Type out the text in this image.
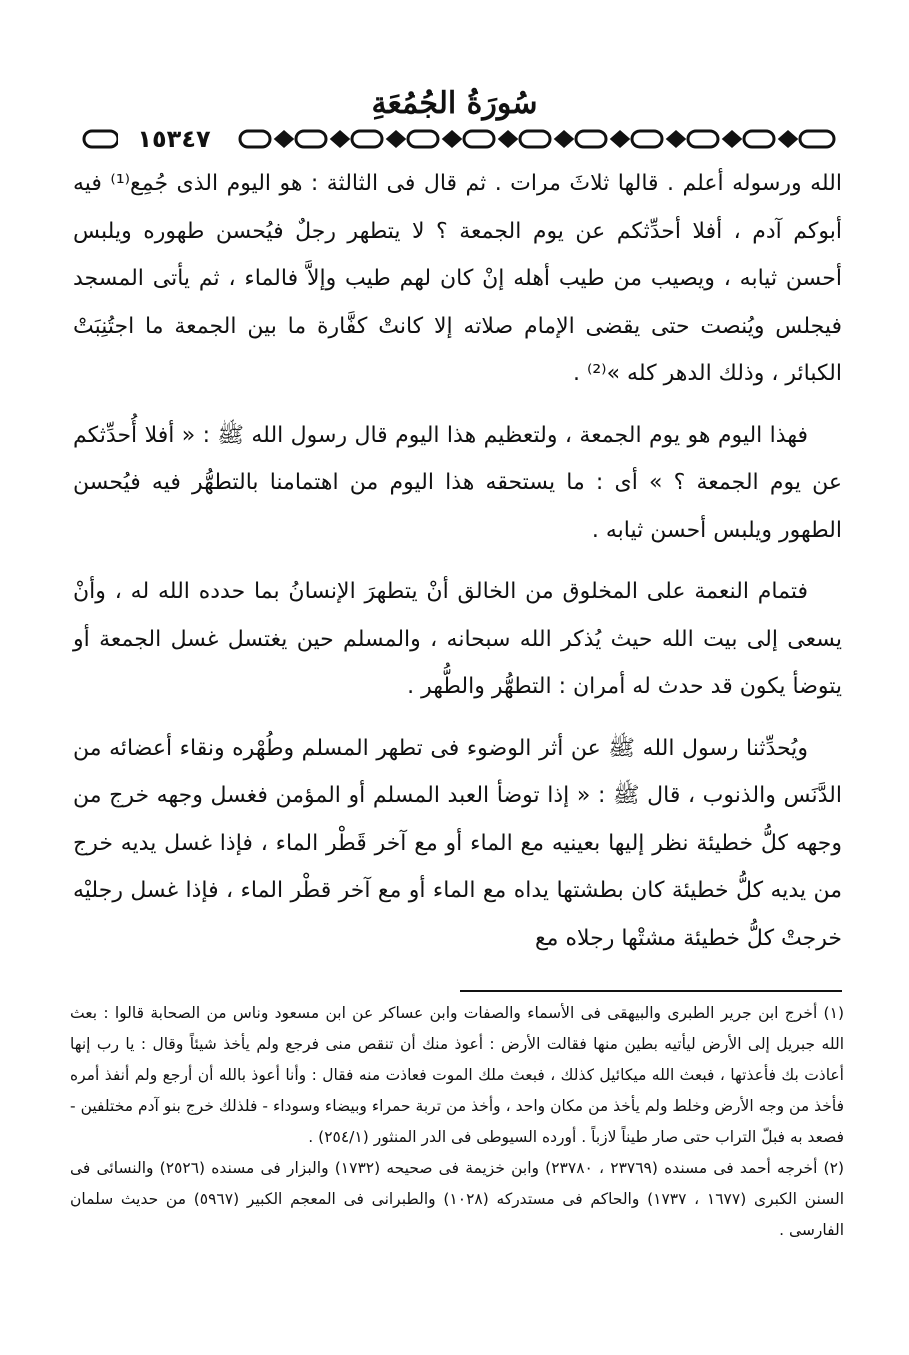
سُورَةُ الجُمُعَةِ
١٥٣٤٧

الله ورسوله أعلم . قالها ثلاثَ مرات . ثم قال فى الثالثة : هو اليوم الذى جُمِع⁽¹⁾ فيه أبوكم آدم ، أفلا أحدِّثكم عن يوم الجمعة ؟ لا يتطهر رجلٌ فيُحسن طهوره ويلبس أحسن ثيابه ، ويصيب من طيب أهله إنْ كان لهم طيب وإلاَّ فالماء ، ثم يأتى المسجد فيجلس ويُنصت حتى يقضى الإمام صلاته إلا كانتْ كفَّارة ما بين الجمعة ما اجتُنِبَتْ الكبائر ، وذلك الدهر كله »⁽²⁾ .

فهذا اليوم هو يوم الجمعة ، ولتعظيم هذا اليوم قال رسول الله ﷺ : « أفلا أُحدِّثكم عن يوم الجمعة ؟ » أى : ما يستحقه هذا اليوم من اهتمامنا بالتطهُّر فيه فيُحسن الطهور ويلبس أحسن ثيابه .

فتمام النعمة على المخلوق من الخالق أنْ يتطهرَ الإنسانُ بما حدده الله له ، وأنْ يسعى إلى بيت الله حيث يُذكر الله سبحانه ، والمسلم حين يغتسل غسل الجمعة أو يتوضأ يكون قد حدث له أمران : التطهُّر والطُّهر .

ويُحدِّثنا رسول الله ﷺ عن أثر الوضوء فى تطهر المسلم وطُهْره ونقاء أعضائه من الدَّنَس والذنوب ، قال ﷺ : « إذا توضأ العبد المسلم أو المؤمن فغسل وجهه خرج من وجهه كلُّ خطيئة نظر إليها بعينيه مع الماء أو مع آخر قَطْر الماء ، فإذا غسل يديه خرج من يديه كلُّ خطيئة كان بطشتها يداه مع الماء أو مع آخر قطْر الماء ، فإذا غسل رجليْه خرجتْ كلُّ خطيئة مشتْها رجلاه مع

(١) أخرج ابن جرير الطبرى والبيهقى فى الأسماء والصفات وابن عساكر عن ابن مسعود وناس من الصحابة قالوا : بعث الله جبريل إلى الأرض ليأتيه بطين منها فقالت الأرض : أعوذ منك أن تنقص منى فرجع ولم يأخذ شيئاً وقال : يا رب إنها أعاذت بك فأعذتها ، فبعث الله ميكائيل كذلك ، فبعث ملك الموت فعاذت منه فقال : وأنا أعوذ بالله أن أرجع ولم أنفذ أمره فأخذ من وجه الأرض وخلط ولم يأخذ من مكان واحد ، وأخذ من تربة حمراء وبيضاء وسوداء - فلذلك خرج بنو آدم مختلفين - فصعد به فبلّ التراب حتى صار طيناً لازباً . أورده السيوطى فى الدر المنثور (٢٥٤/١) .

(٢) أخرجه أحمد فى مسنده (٢٣٧٦٩ ، ٢٣٧٨٠) وابن خزيمة فى صحيحه (١٧٣٢) والبزار فى مسنده (٢٥٢٦) والنسائى فى السنن الكبرى (١٦٧٧ ، ١٧٣٧) والحاكم فى مستدركه (١٠٢٨) والطبرانى فى المعجم الكبير (٥٩٦٧) من حديث سلمان الفارسى .
